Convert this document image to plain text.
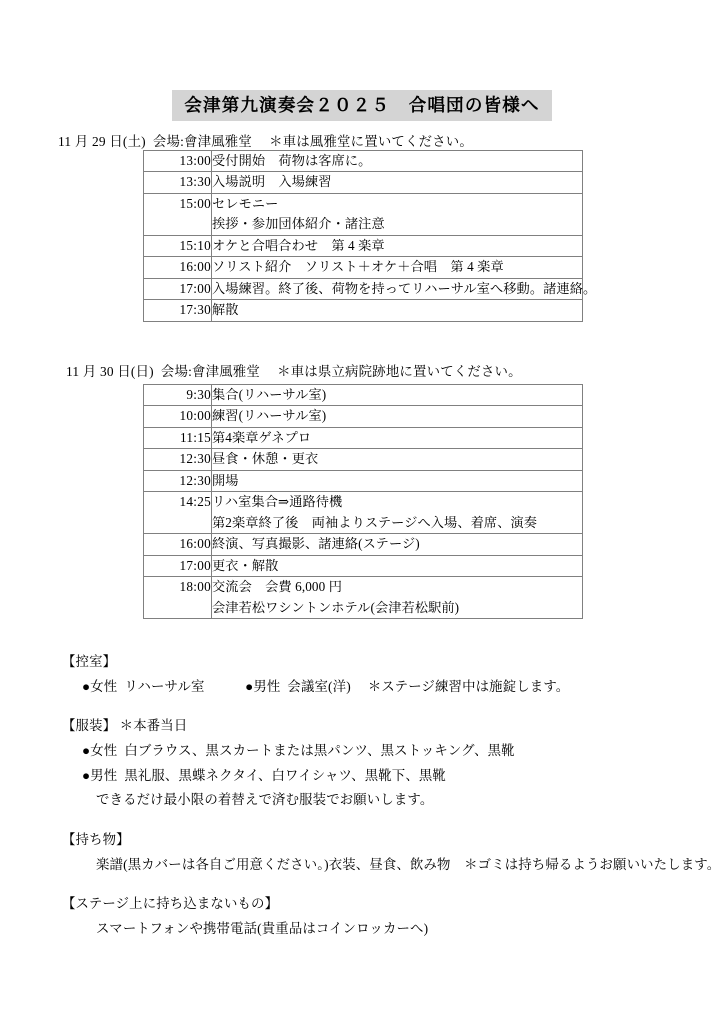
会津第九演奏会２０２５　合唱団の皆様へ
11 月 29 日(土)  会場:會津風雅堂　 ＊車は風雅堂に置いてください。
13:00	受付開始　荷物は客席に。

13:30	入場説明　入場練習

15:00	セレモニー
挨拶・参加団体紹介・諸注意

15:10	オケと合唱合わせ　第 4 楽章

16:00	ソリスト紹介　ソリスト＋オケ＋合唱　第 4 楽章

17:00	入場練習。終了後、荷物を持ってリハーサル室へ移動。諸連絡。

17:30	解散
11 月 30 日(日)  会場:會津風雅堂　 ＊車は県立病院跡地に置いてください。
9:30	集合(リハーサル室)

10:00	練習(リハーサル室)

11:15	第4楽章ゲネプロ

12:30	昼食・休憩・更衣

12:30	開場

14:25	リハ室集合⇒通路待機
第2楽章終了後　両袖よりステージへ入場、着席、演奏

16:00	終演、写真撮影、諸連絡(ステージ)

17:00	更衣・解散

18:00	交流会　会費 6,000 円
会津若松ワシントンホテル(会津若松駅前)
【控室】
●女性  リハーサル室　　　●男性  会議室(洋)　 ＊ステージ練習中は施錠します。
【服装】 ＊本番当日
●女性  白ブラウス、黒スカートまたは黒パンツ、黒ストッキング、黒靴
●男性  黒礼服、黒蝶ネクタイ、白ワイシャツ、黒靴下、黒靴
できるだけ最小限の着替えで済む服装でお願いします。
【持ち物】
楽譜(黒カバーは各自ご用意ください。)衣装、昼食、飲み物　＊ゴミは持ち帰るようお願いいたします。
【ステージ上に持ち込まないもの】
スマートフォンや携帯電話(貴重品はコインロッカーへ)
